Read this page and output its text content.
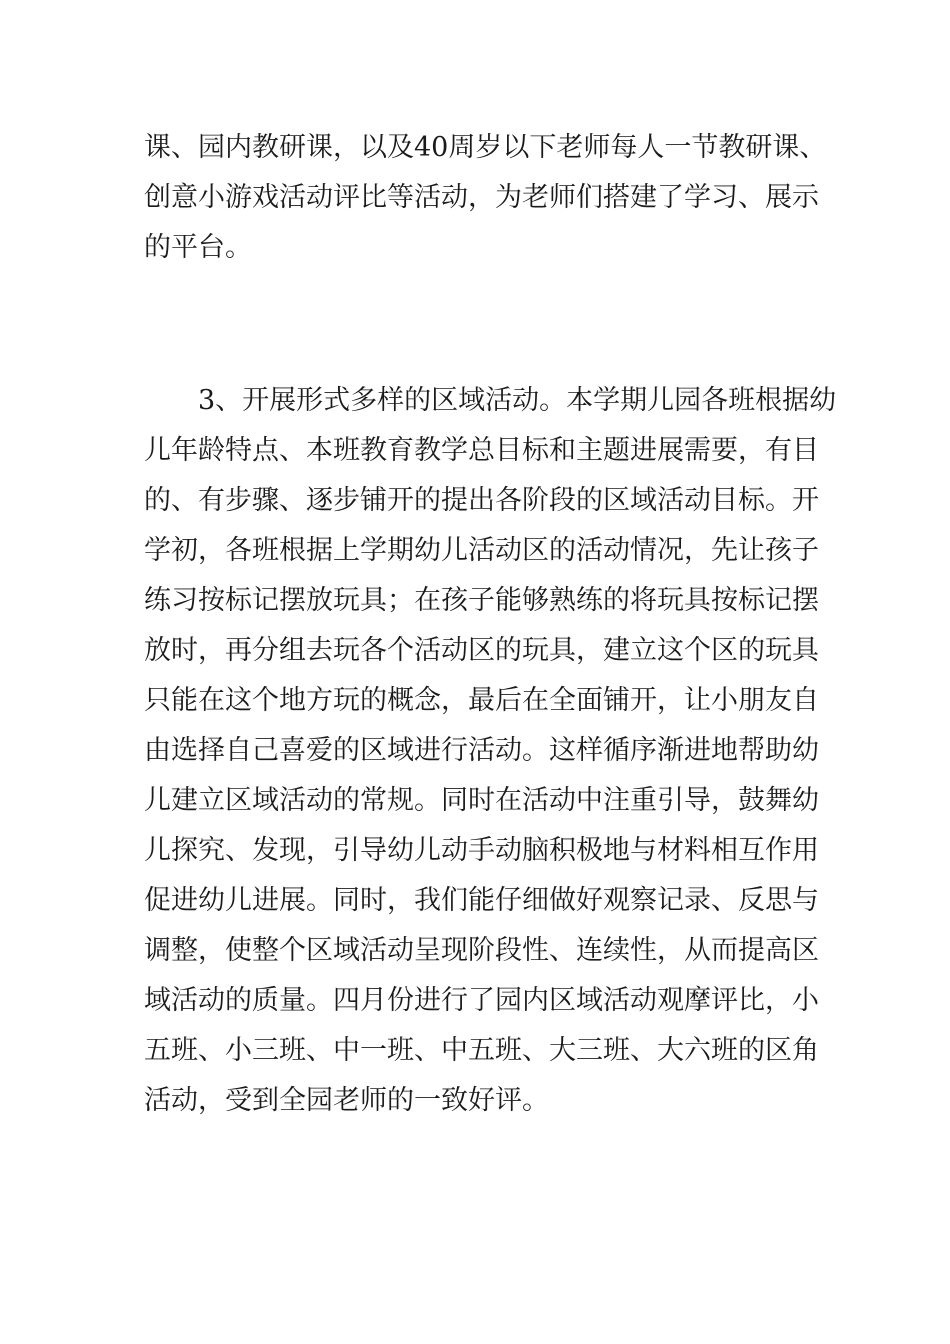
课、园内教研课，以及40周岁以下老师每人一节教研课、
创意小游戏活动评比等活动，为老师们搭建了学习、展示
的平台。
3、开展形式多样的区域活动。本学期儿园各班根据幼
儿年龄特点、本班教育教学总目标和主题进展需要，有目
的、有步骤、逐步铺开的提出各阶段的区域活动目标。开
学初，各班根据上学期幼儿活动区的活动情况，先让孩子
练习按标记摆放玩具；在孩子能够熟练的将玩具按标记摆
放时，再分组去玩各个活动区的玩具，建立这个区的玩具
只能在这个地方玩的概念，最后在全面铺开，让小朋友自
由选择自己喜爱的区域进行活动。这样循序渐进地帮助幼
儿建立区域活动的常规。同时在活动中注重引导，鼓舞幼
儿探究、发现，引导幼儿动手动脑积极地与材料相互作用
促进幼儿进展。同时，我们能仔细做好观察记录、反思与
调整，使整个区域活动呈现阶段性、连续性，从而提高区
域活动的质量。四月份进行了园内区域活动观摩评比，小
五班、小三班、中一班、中五班、大三班、大六班的区角
活动，受到全园老师的一致好评。
